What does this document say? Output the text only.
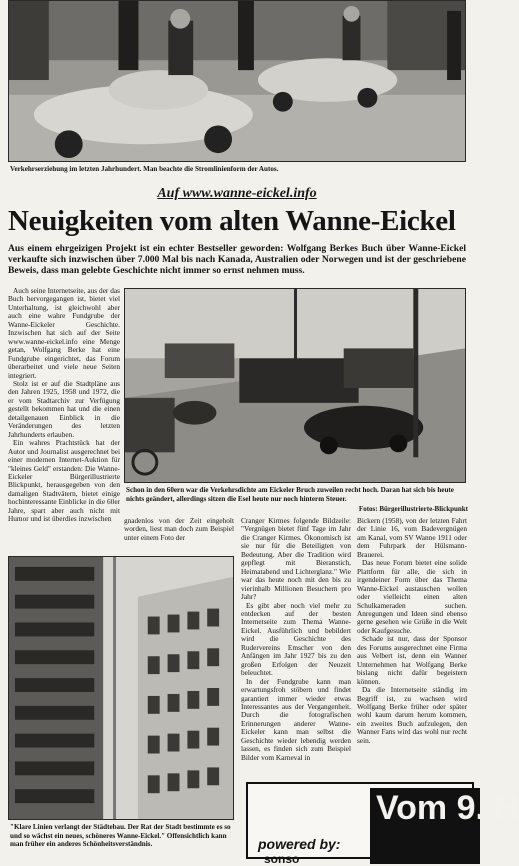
Verkehrserziehung im letzten Jahrhundert. Man beachte die Stromlinienform der Autos.
Auf www.wanne-eickel.info
Neuigkeiten vom alten Wanne-Eickel
Aus einem ehrgeizigen Projekt ist ein echter Bestseller geworden: Wolfgang Berkes Buch über Wanne-Eickel verkaufte sich inzwischen über 7.000 Mal bis nach Kanada, Australien oder Norwegen und ist der geschriebene Beweis, dass man gelebte Geschichte nicht immer so ernst nehmen muss.

Auch seine Internetseite, aus der das Buch hervorgegangen ist, bietet viel Unterhaltung, ist gleichwohl aber auch eine wahre Fundgrube der Wanne-Eickeler Geschichte. Inzwischen hat sich auf der Seite www.wanne-eickel.info eine Menge getan, Wolfgang Berke hat eine Fundgrube eingerichtet, das Forum überarbeitet und viele neue Seiten integriert.

Stolz ist er auf die Stadtpläne aus den Jahren 1925, 1958 und 1972, die er vom Stadtarchiv zur Verfügung gestellt bekommen hat und die einen detailgenauen Einblick in die Veränderungen des letzten Jahrhunderts erlauben.

Ein wahres Prachtstück hat der Autor und Journalist ausgerechnet bei einer modernen Internet-Auktion für "kleines Geld" erstanden: Die Wanne-Eickeler Bürgerillustrierte Blickpunkt, herausgegeben von den damaligen Stadtvätern, bietet einige hochinteressante Einblicke in die 60er Jahre, spart aber auch nicht mit Humor und ist überdies inzwischen

Schon in den 60ern war die Verkehrsdichte am Eickeler Bruch zuweilen recht hoch. Daran hat sich bis heute nichts geändert, allerdings sitzen die Esel heute nur noch hinterm Steuer.
Fotos: Bürgerillustrierte-Blickpunkt

gnadenlos von der Zeit eingeholt worden, liest man doch zum Beispiel unter einem Foto der

Cranger Kirmes folgende Bildzeile: "Vergnügen bietet fünf Tage im Jahr die Cranger Kirmes. Ökonomisch ist sie nur für die Beteiligten von Bedeutung. Aber die Tradition wird gepflegt mit Bieranstich, Heimatabend und Lichterglanz." Wie war das heute noch mit den bis zu vierinhalb Millionen Besuchern pro Jahr?

Es gibt aber noch viel mehr zu entdecken auf der besten Internetseite zum Thema Wanne-Eickel. Ausführlich und bebildert wird die Geschichte des Rudervereins Emscher von den Anfängen im Jahr 1927 bis zu den großen Erfolgen der Neuzeit beleuchtet.

In der Fundgrube kann man erwartungsfroh stöbern und findet garantiert immer wieder etwas Interessantes aus der Vergangenheit. Durch die fotografischen Erinnerungen anderer Wanne-Eickeler kann man selbst die Geschichte wieder lebendig werden lassen, es finden sich zum Beispiel Bilder vom Karneval in

Bickern (1958), von der letzten Fahrt der Linie 16, vom Badevergnügen am Kanal, vom SV Wanne 1911 oder dem Fuhrpark der Hülsmann-Brauerei.

Das neue Forum bietet eine solide Plattform für alle, die sich in irgendeiner Form über das Thema Wanne-Eickel austauschen wollen oder vielleicht einen alten Schulkameraden suchen. Anregungen und Ideen sind ebenso gerne gesehen wie Grüße in die Welt oder Kaufgesuche.

Schade ist nur, dass der Sponsor des Forums ausgerechnet eine Firma aus Velbert ist, denn ein Wanner Unternehmen hat Wolfgang Berke bislang nicht dafür begeistern können.

Da die Internetseite ständig im Begriff ist, zu wachsen wird Wolfgang Berke früher oder später wohl kaum darum herum kommen, ein zweites Buch aufzulegen, den Wanner Fans wird das wohl nur recht sein.

"Klare Linien verlangt der Städtebau. Der Rat der Stadt bestimmte es so und so wächst ein neues, schöneres Wanne-Eickel." Offensichtlich kann man früher ein anderes Schönheitsverständnis.
Vom 9. H
powered by:
sonso
